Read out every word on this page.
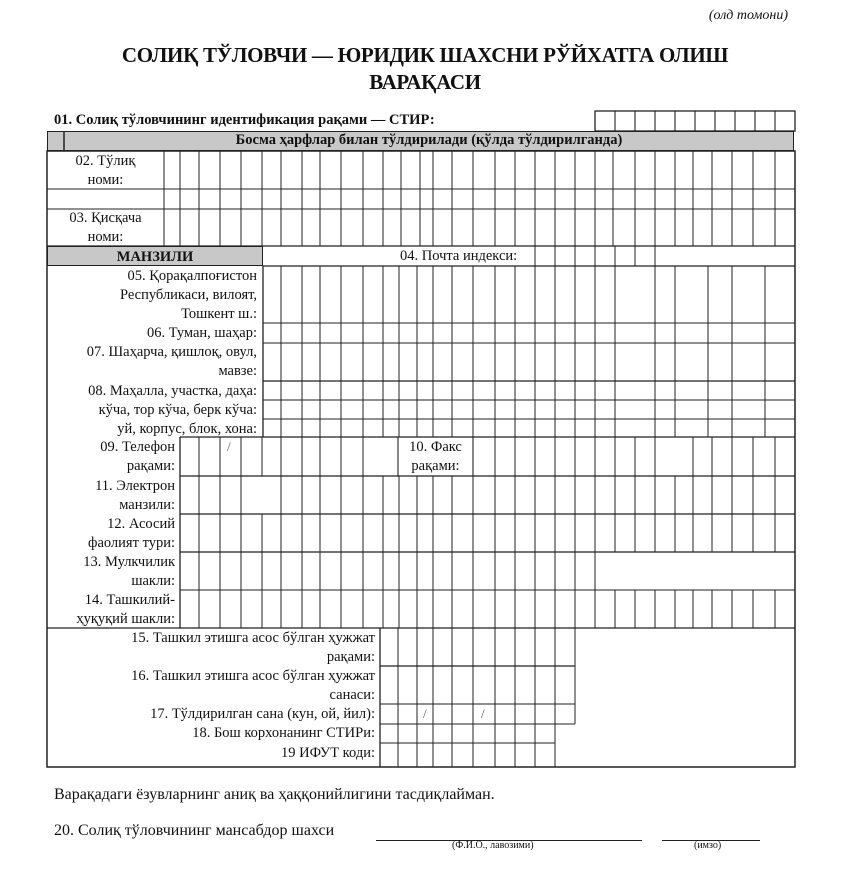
(олд томони)
СОЛИҚ ТЎЛОВЧИ — ЮРИДИК ШАХСНИ РЎЙХАТГА ОЛИШ
ВАРАҚАСИ
01. Солиқ тўловчининг идентификация рақами — СТИР:
Босма ҳарфлар билан тўлдирилади (қўлда тўлдирилганда)
02. Тўлиқ
номи:
03. Қисқача
номи:
МАНЗИЛИ	04. Почта индекси:
05. Қорақалпоғистон
Республикаси, вилоят,
Тошкент ш.:
06. Туман, шаҳар:
07. Шаҳарча, қишлоқ, овул,
мавзе:
08. Маҳалла, участка, даҳа:
кўча, тор кўча, берк кўча:
уй, корпус, блок, хона:
09. Телефон
рақами:
/	10. Факс
рақами:
11. Электрон
манзили:
12. Асосий
фаолият тури:
13. Мулкчилик
шакли:
14. Ташкилий-
ҳуқуқий шакли:
15. Ташкил этишга асос бўлган ҳужжат
рақами:
16. Ташкил этишга асос бўлган ҳужжат
санаси:
17. Тўлдирилган сана (кун, ой, йил):	/	/
18. Бош корхонанинг СТИРи:
19 ИФУТ коди:
Варақадаги ёзувларнинг аниқ ва ҳаққонийлигини тасдиқлайман.
20. Солиқ тўловчининг мансабдор шахси
(Ф.И.О., лавозими)	(имзо)
